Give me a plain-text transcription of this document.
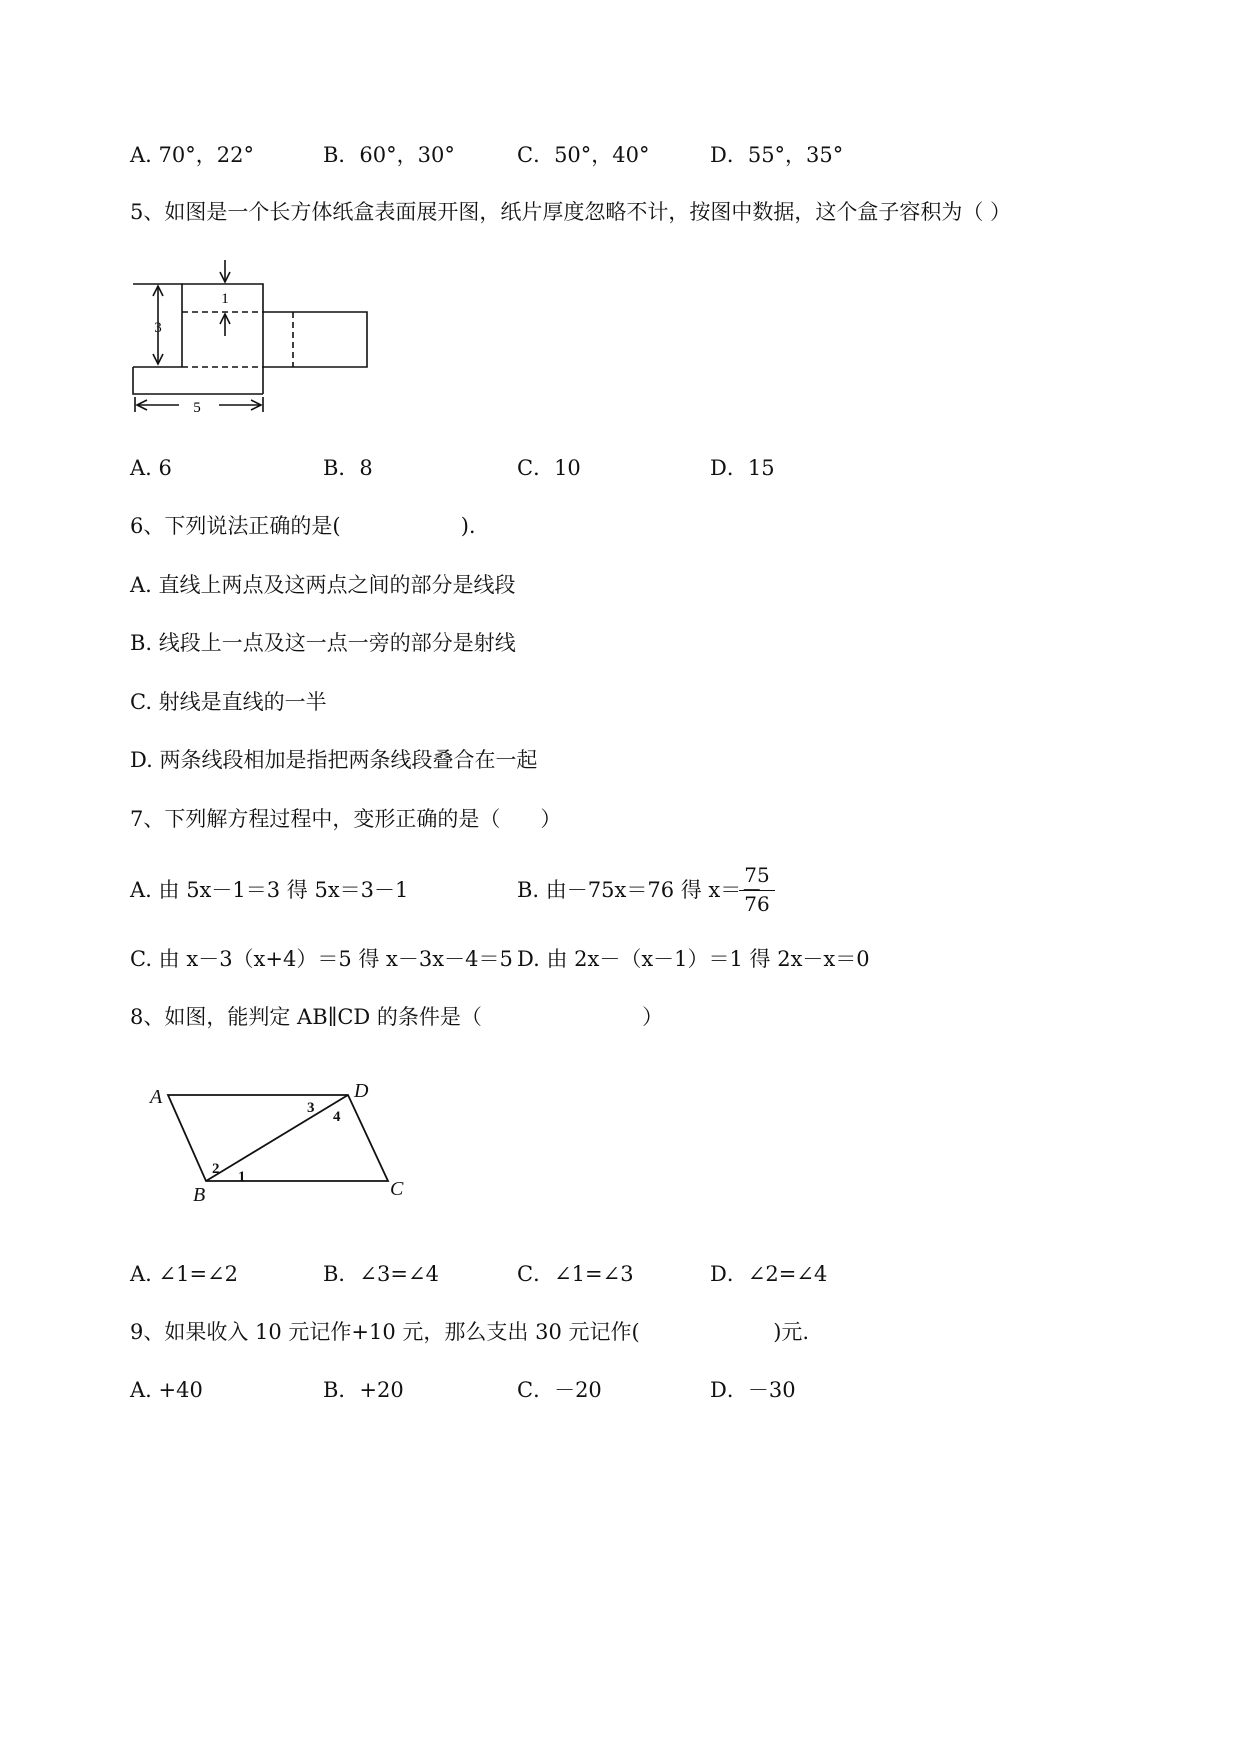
A. 70°，22°	B．60°，30°	C．50°，40°	D．55°，35°
5、如图是一个长方体纸盒表面展开图，纸片厚度忽略不计，按图中数据，这个盒子容积为（ ）
1
3
5
A. 6	B．8	C．10	D．15
6、下列说法正确的是(                  ).
A. 直线上两点及这两点之间的部分是线段
B. 线段上一点及这一点一旁的部分是射线
C. 射线是直线的一半
D. 两条线段相加是指把两条线段叠合在一起
7、下列解方程过程中，变形正确的是（      ）
A. 由 5x－1＝3 得 5x＝3－1	B. 由－75x＝76 得 x＝－
75
76
C. 由 x－3（x+4）＝5 得 x－3x－4＝5 D. 由 2x－（x－1）＝1 得 2x－x＝0
8、如图，能判定 AB∥CD 的条件是（                        ）
A	D
B	C
1
2
3
4
A. ∠1=∠2	B．∠3=∠4	C．∠1=∠3	D．∠2=∠4
9、如果收入 10 元记作+10 元，那么支出 30 元记作(                    )元.
A. +40	B．+20	C．－20	D．－30
